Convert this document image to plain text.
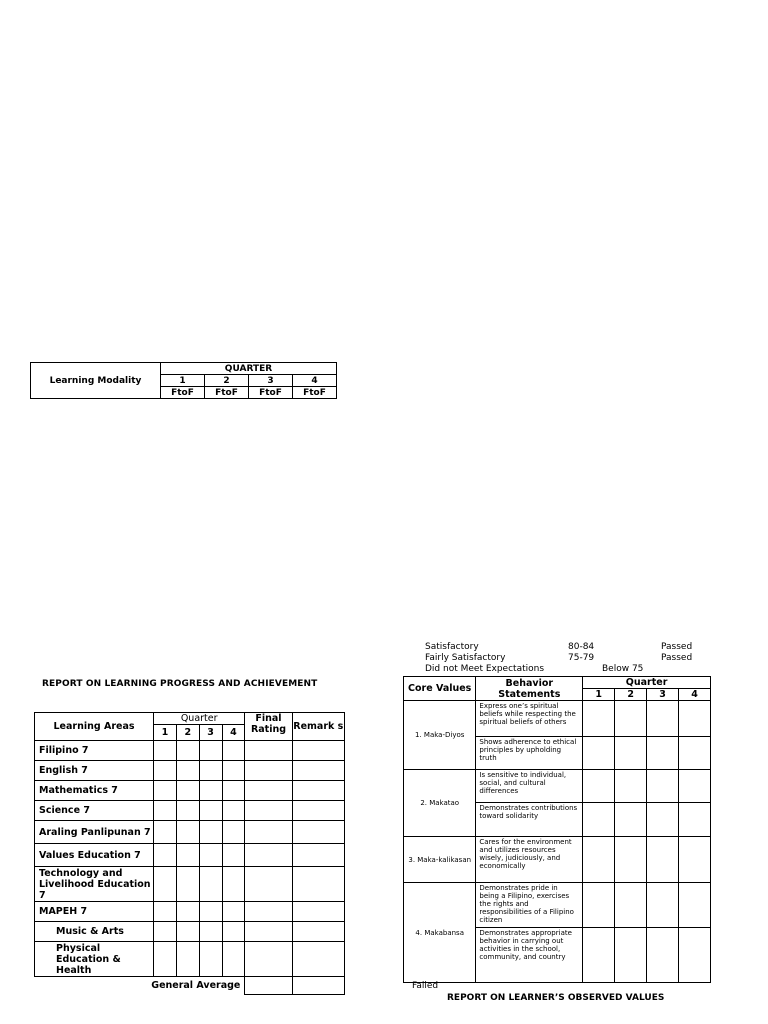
Learning Modality	QUARTER			
	1	2	3	4
	FtoF	FtoF	FtoF	FtoF
Satisfactory	80-84	Passed
Fairly Satisfactory	75-79	Passed
Did not Meet Expectations	Below 75
Failed
REPORT ON LEARNING PROGRESS AND ACHIEVEMENT
Learning Areas	Quarter				Final Rating	Remark s
	1	2	3	4		
Filipino 7						
English 7						
Mathematics 7						
Science 7						
Araling Panlipunan 7						
Values Education 7						
Technology and Livelihood Education 7						
MAPEH 7						
Music & Arts						
Physical Education & Health						
General Average						
Core Values	Behavior Statements	Quarter			
		1	2	3	4
1. Maka-Diyos	Express one’s spiritual beliefs while respecting the spiritual beliefs of others				
	Shows adherence to ethical principles by upholding truth				
2. Makatao	Is sensitive to individual, social, and cultural differences				
	Demonstrates contributions toward solidarity				
3. Maka-kalikasan	Cares for the environment and utilizes resources wisely, judiciously, and economically				
4. Makabansa	Demonstrates pride in being a Filipino, exercises the rights and responsibilities of a Filipino citizen				
	Demonstrates appropriate behavior in carrying out activities in the school, community, and country				
REPORT ON LEARNER’S OBSERVED VALUES
